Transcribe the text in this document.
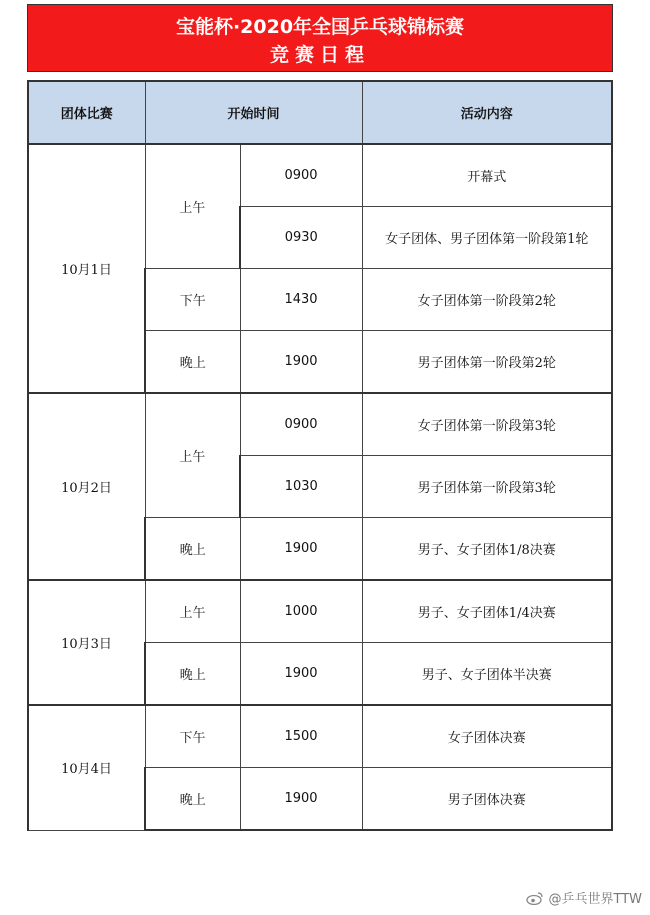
宝能杯·2020年全国乒乓球锦标赛
竞赛日程
团体比赛	开始时间		活动内容
10月1日	上午	0900	开幕式
		0930	女子团体、男子团体第一阶段第1轮
	下午	1430	女子团体第一阶段第2轮
	晚上	1900	男子团体第一阶段第2轮
10月2日	上午	0900	女子团体第一阶段第3轮
		1030	男子团体第一阶段第3轮
	晚上	1900	男子、女子团体1/8决赛
10月3日	上午	1000	男子、女子团体1/4决赛
	晚上	1900	男子、女子团体半决赛
10月4日	下午	1500	女子团体决赛
	晚上	1900	男子团体决赛
@乒乓世界TTW
